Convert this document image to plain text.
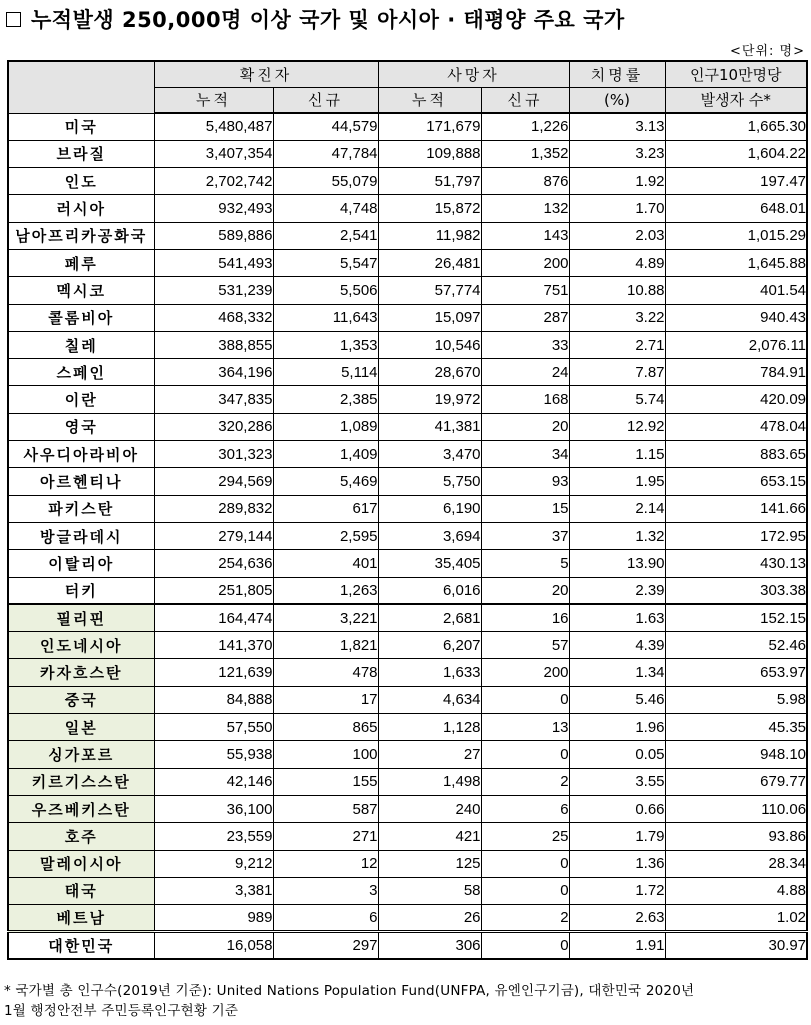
누적발생 250,000명 이상 국가 및 아시아 · 태평양 주요 국가
<단위: 명>
	확진자		사망자		치명률	인구10만명당
	누적	신규	누적	신규	(%)	발생자 수*
미국	5,480,487	44,579	171,679	1,226	3.13	1,665.30
브라질	3,407,354	47,784	109,888	1,352	3.23	1,604.22
인도	2,702,742	55,079	51,797	876	1.92	197.47
러시아	932,493	4,748	15,872	132	1.70	648.01
남아프리카공화국	589,886	2,541	11,982	143	2.03	1,015.29
페루	541,493	5,547	26,481	200	4.89	1,645.88
멕시코	531,239	5,506	57,774	751	10.88	401.54
콜롬비아	468,332	11,643	15,097	287	3.22	940.43
칠레	388,855	1,353	10,546	33	2.71	2,076.11
스페인	364,196	5,114	28,670	24	7.87	784.91
이란	347,835	2,385	19,972	168	5.74	420.09
영국	320,286	1,089	41,381	20	12.92	478.04
사우디아라비아	301,323	1,409	3,470	34	1.15	883.65
아르헨티나	294,569	5,469	5,750	93	1.95	653.15
파키스탄	289,832	617	6,190	15	2.14	141.66
방글라데시	279,144	2,595	3,694	37	1.32	172.95
이탈리아	254,636	401	35,405	5	13.90	430.13
터키	251,805	1,263	6,016	20	2.39	303.38
필리핀	164,474	3,221	2,681	16	1.63	152.15
인도네시아	141,370	1,821	6,207	57	4.39	52.46
카자흐스탄	121,639	478	1,633	200	1.34	653.97
중국	84,888	17	4,634	0	5.46	5.98
일본	57,550	865	1,128	13	1.96	45.35
싱가포르	55,938	100	27	0	0.05	948.10
키르기스스탄	42,146	155	1,498	2	3.55	679.77
우즈베키스탄	36,100	587	240	6	0.66	110.06
호주	23,559	271	421	25	1.79	93.86
말레이시아	9,212	12	125	0	1.36	28.34
태국	3,381	3	58	0	1.72	4.88
베트남	989	6	26	2	2.63	1.02
대한민국	16,058	297	306	0	1.91	30.97
* 국가별 총 인구수(2019년 기준): United Nations Population Fund(UNFPA, 유엔인구기금), 대한민국 2020년
1월 행정안전부 주민등록인구현황 기준
